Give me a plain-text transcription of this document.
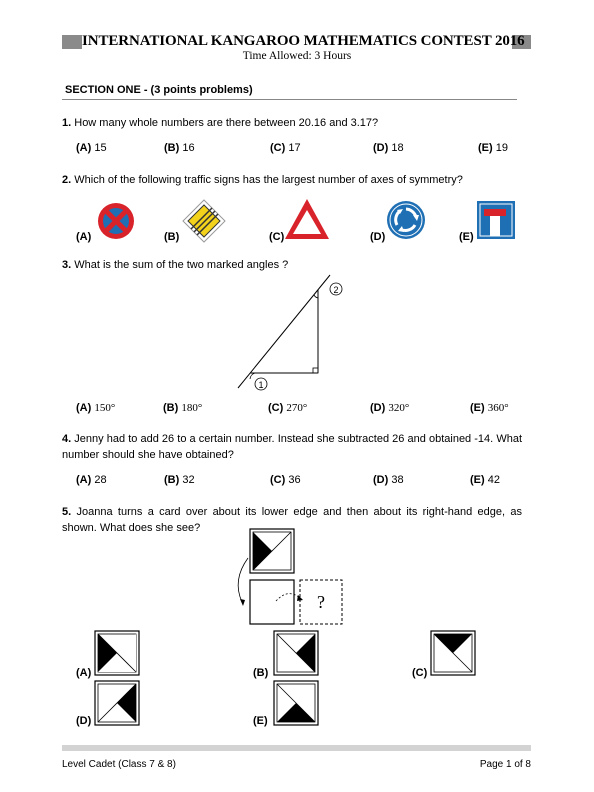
INTERNATIONAL KANGAROO MATHEMATICS CONTEST 2016
Time Allowed: 3 Hours
SECTION ONE - (3 points problems)
1. How many whole numbers are there between 20.16 and 3.17?
(A) 15	(B) 16	(C) 17	(D) 18	(E) 19
2. Which of the following traffic signs has the largest number of axes of symmetry?
(A)	(B)	(C)	(D)	(E)
3. What is the sum of the two marked angles ?
2
1
(A) 150°	(B) 180°	(C) 270°	(D) 320°	(E) 360°
4. Jenny had to add 26 to a certain number. Instead she subtracted 26 and obtained -14. What number should she have obtained?
(A) 28	(B) 32	(C) 36	(D) 38	(E) 42
5. Joanna turns a card over about its lower edge and then about its right-hand edge, as shown. What does she see?
?
(A)	(B)	(C)
(D)	(E)
Level Cadet (Class 7 & 8)	Page 1 of 8
